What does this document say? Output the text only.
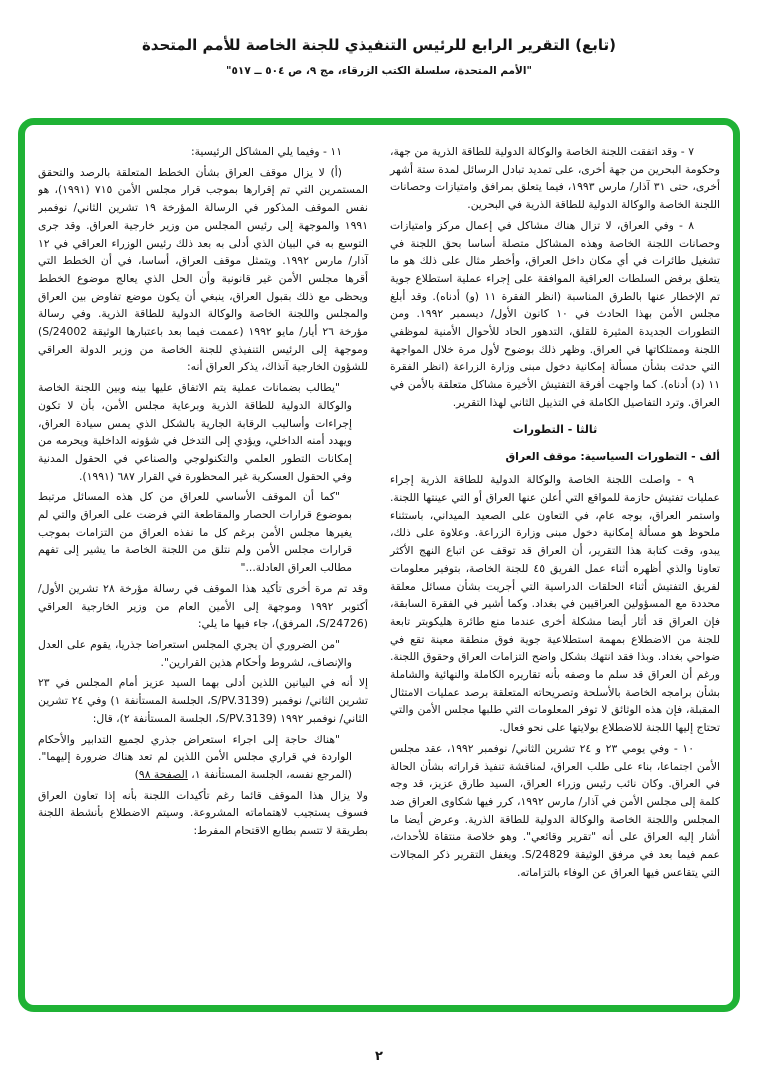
(تابع) التقرير الرابع للرئيس التنفيذي للجنة الخاصة للأمم المتحدة
"الأمم المتحدة، سلسلة الكتب الزرقاء، مج ٩، ص ٥٠٤ ــ ٥١٧"

٧ - وقد اتفقت اللجنة الخاصة والوكالة الدولية للطاقة الذرية من جهة، وحكومة البحرين من جهة أخرى، على تمديد تبادل الرسائل لمدة ستة أشهر أخرى، حتى ٣١ آذار/ مارس ١٩٩٣، فيما يتعلق بمرافق وامتيازات وحصانات اللجنة الخاصة والوكالة الدولية للطاقة الذرية في البحرين.

٨ - وفي العراق، لا تزال هناك مشاكل في إعمال مركز وامتيازات وحصانات اللجنة الخاصة وهذه المشاكل متصلة أساسا بحق اللجنة في تشغيل طائرات في أي مكان داخل العراق، وأخطر مثال على ذلك هو ما يتعلق برفض السلطات العراقية الموافقة على إجراء عملية استطلاع جوية تم الإخطار عنها بالطرق المناسبة (انظر الفقرة ١١ (و) أدناه). وقد أبلغ مجلس الأمن بهذا الحادث في ١٠ كانون الأول/ ديسمبر ١٩٩٢. ومن التطورات الجديدة المثيرة للقلق، التدهور الحاد للأحوال الأمنية لموظفي اللجنة وممتلكاتها في العراق. وظهر ذلك بوضوح لأول مرة خلال المواجهة التي حدثت بشأن مسألة إمكانية دخول مبنى وزارة الزراعة (انظر الفقرة ١١ (د) أدناه). كما واجهت أفرقة التفتيش الأخيرة مشاكل متعلقة بالأمن في العراق. وترد التفاصيل الكاملة في التذييل الثاني لهذا التقرير.

ثالثا - التطورات
ألف - التطورات السياسية: موقف العراق

٩ - واصلت اللجنة الخاصة والوكالة الدولية للطاقة الذرية إجراء عمليات تفتيش حازمة للمواقع التي أعلن عنها العراق أو التي عينتها اللجنة. واستمر العراق، بوجه عام، في التعاون على الصعيد الميداني، باستثناء ملحوظ هو مسألة إمكانية دخول مبنى وزارة الزراعة. وعلاوة على ذلك، يبدو، وقت كتابة هذا التقرير، أن العراق قد توقف عن اتباع النهج الأكثر تعاونا والذي أظهره أثناء عمل الفريق ٤٥ للجنة الخاصة، بتوفير معلومات لفريق التفتيش أثناء الحلقات الدراسية التي أجريت بشأن مسائل معلقة محددة مع المسؤولين العراقيين في بغداد. وكما أشير في الفقرة السابقة، فإن العراق قد أثار أيضا مشكلة أخرى عندما منع طائرة هليكوبتر تابعة للجنة من الاضطلاع بمهمة استطلاعية جوية فوق منطقة معينة تقع في ضواحي بغداد. وبذا فقد انتهك بشكل واضح التزامات العراق وحقوق اللجنة. ورغم أن العراق قد سلم ما وصفه بأنه تقاريره الكاملة والنهائية والشاملة بشأن برامجه الخاصة بالأسلحة وتصريحاته المتعلقة برصد عمليات الامتثال المقبلة، فإن هذه الوثائق لا توفر المعلومات التي طلبها مجلس الأمن والتي تحتاج إليها اللجنة للاضطلاع بولايتها على نحو فعال.

١٠ - وفي يومي ٢٣ و ٢٤ تشرين الثاني/ نوفمبر ١٩٩٢، عقد مجلس الأمن اجتماعا، بناء على طلب العراق، لمناقشة تنفيذ قراراته بشأن الحالة في العراق. وكان نائب رئيس وزراء العراق، السيد طارق عزيز، قد وجه كلمة إلى مجلس الأمن في آذار/ مارس ١٩٩٢، كرر فيها شكاوى العراق ضد المجلس واللجنة الخاصة والوكالة الدولية للطاقة الذرية. وعرض أيضا ما أشار إليه العراق على أنه "تقرير وقائعي". وهو خلاصة منتقاة للأحداث، عمم فيما بعد في مرفق الوثيقة S/24829. ويغفل التقرير ذكر المجالات التي يتقاعس فيها العراق عن الوفاء بالتزاماته.

١١ - وفيما يلي المشاكل الرئيسية:

(أ) لا يزال موقف العراق بشأن الخطط المتعلقة بالرصد والتحقق المستمرين التي تم إقرارها بموجب قرار مجلس الأمن ٧١٥ (١٩٩١)، هو نفس الموقف المذكور في الرسالة المؤرخة ١٩ تشرين الثاني/ نوفمبر ١٩٩١ والموجهة إلى رئيس المجلس من وزير خارجية العراق. وقد جرى التوسع به في البيان الذي أدلى به بعد ذلك رئيس الوزراء العراقي في ١٢ آذار/ مارس ١٩٩٢. ويتمثل موقف العراق، أساسا، في أن الخطط التي أقرها مجلس الأمن غير قانونية وأن الحل الذي يعالج موضوع الخطط ويحظى مع ذلك بقبول العراق، ينبغي أن يكون موضع تفاوض بين العراق والمجلس واللجنة الخاصة والوكالة الدولية للطاقة الذرية. وفي رسالة مؤرخة ٢٦ أيار/ مايو ١٩٩٢ (عممت فيما بعد باعتبارها الوثيقة S/24002) وموجهة إلى الرئيس التنفيذي للجنة الخاصة من وزير الدولة العراقي للشؤون الخارجية آنذاك، يذكر العراق أنه:

"يطالب بضمانات عملية يتم الاتفاق عليها بينه وبين اللجنة الخاصة والوكالة الدولية للطاقة الذرية وبرعاية مجلس الأمن، بأن لا تكون إجراءات وأساليب الرقابة الجارية بالشكل الذي يمس سيادة العراق، ويهدد أمنه الداخلي، ويؤدي إلى التدخل في شؤونه الداخلية ويحرمه من إمكانات التطور العلمي والتكنولوجي والصناعي في الحقول المدنية وفي الحقول العسكرية غير المحظورة في القرار ٦٨٧ (١٩٩١).

"كما أن الموقف الأساسي للعراق من كل هذه المسائل مرتبط بموضوع قرارات الحصار والمقاطعة التي فرضت على العراق والتي لم يغيرها مجلس الأمن برغم كل ما نفذه العراق من التزامات بموجب قرارات مجلس الأمن ولم نتلق من اللجنة الخاصة ما يشير إلى تفهم مطالب العراق العادلة..."

وقد تم مرة أخرى تأكيد هذا الموقف في رسالة مؤرخة ٢٨ تشرين الأول/ أكتوبر ١٩٩٢ وموجهة إلى الأمين العام من وزير الخارجية العراقي (S/24726، المرفق)، جاء فيها ما يلي:

"من الضروري أن يجري المجلس استعراضا جذريا، يقوم على العدل والإنصاف، لشروط وأحكام هذين القرارين".

إلا أنه في البيانين اللذين أدلى بهما السيد عزيز أمام المجلس في ٢٣ تشرين الثاني/ نوفمبر (S/PV.3139، الجلسة المستأنفة ١) وفي ٢٤ تشرين الثاني/ نوفمبر ١٩٩٢ (S/PV.3139، الجلسة المستأنفة ٢)، قال:

"هناك حاجة إلى اجراء استعراض جذري لجميع التدابير والأحكام الواردة في قراري مجلس الأمن اللذين لم تعد هناك ضرورة إليهما". (المرجع نفسه، الجلسة المستأنفة ١، الصفحة ٩٨)

ولا يزال هذا الموقف قائما رغم تأكيدات اللجنة بأنه إذا تعاون العراق فسوف يستجيب لاهتماماته المشروعة. وسيتم الاضطلاع بأنشطة اللجنة بطريقة لا تتسم بطابع الاقتحام المفرط:

٢
